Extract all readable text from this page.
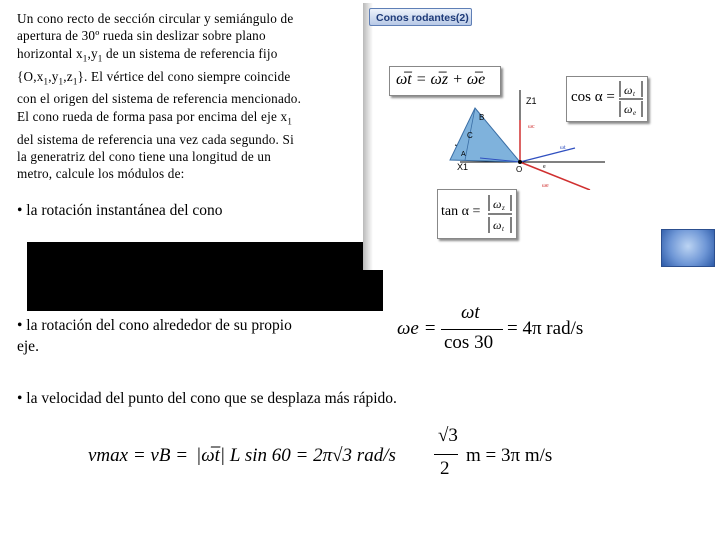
Un cono recto de sección circular y semiángulo de
apertura de 30º rueda sin deslizar sobre plano
horizontal $x_1,y_1$ de un sistema de referencia fijo
$\{O,x_1,y_1,z_1\}$. El vértice del cono siempre coincide
con el origen del sistema de referencia mencionado.
El cono rueda de forma pasa por encima del eje $x_1$
del sistema de referencia una vez cada segundo. Si
la generatriz del cono tiene una longitud de un
metro, calcule los módulos de:
• la rotación instantánea del cono
• la rotación del cono alrededor de su propio
eje.
• la velocidad del punto del cono que se desplaza más rápido.
Conos rodantes(2)
ω̅t = ω̅z + ω̅e
cos α = ω t
ω e
Z1
B
C
A
X1	O
ωc
ωe
ωt
e
tan α = ω z
ω t
ωe =
ωt
cos 30
= 4π rad/s
vmax = vB = |ω̅t| L sin 60 = 2π√3 rad/s
√3
2
m = 3π m/s
